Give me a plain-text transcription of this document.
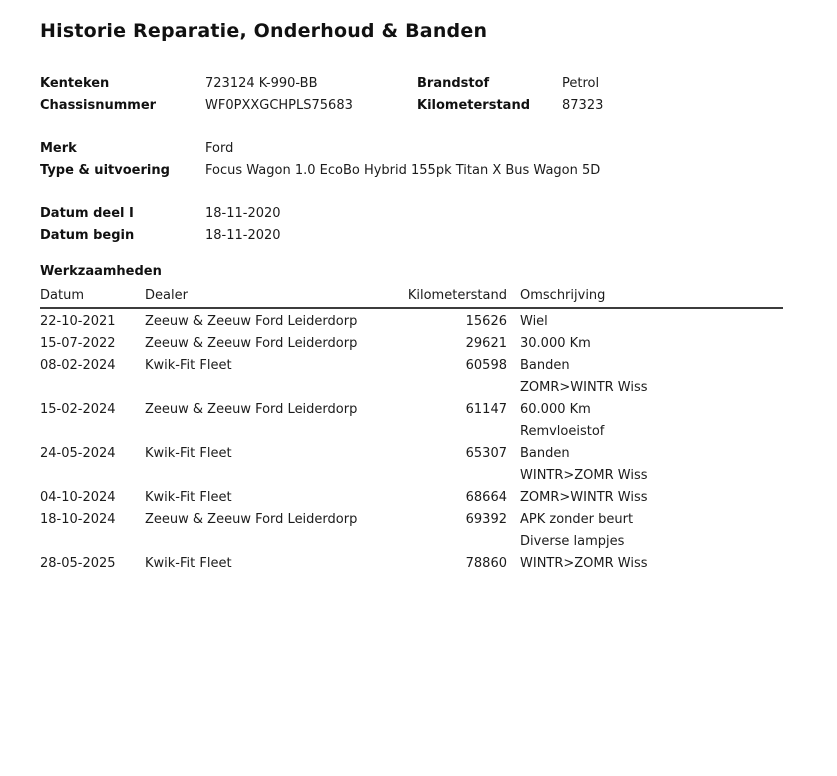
Historie Reparatie, Onderhoud & Banden
Kenteken	723124 K-990-BB	Brandstof	Petrol
Chassisnummer	WF0PXXGCHPLS75683	Kilometerstand	87323
Merk	Ford
Type & uitvoering	Focus Wagon 1.0 EcoBo Hybrid 155pk Titan X Bus Wagon 5D
Datum deel I	18-11-2020
Datum begin	18-11-2020
Werkzaamheden
Datum	Dealer	Kilometerstand	Omschrijving
22-10-2021	Zeeuw & Zeeuw Ford Leiderdorp	15626	Wiel

15-07-2022	Zeeuw & Zeeuw Ford Leiderdorp	29621	30.000 Km

08-02-2024	Kwik-Fit Fleet	60598	Banden
ZOMR>WINTR Wiss

15-02-2024	Zeeuw & Zeeuw Ford Leiderdorp	61147	60.000 Km
Remvloeistof

24-05-2024	Kwik-Fit Fleet	65307	Banden
WINTR>ZOMR Wiss

04-10-2024	Kwik-Fit Fleet	68664	ZOMR>WINTR Wiss

18-10-2024	Zeeuw & Zeeuw Ford Leiderdorp	69392	APK zonder beurt
Diverse lampjes

28-05-2025	Kwik-Fit Fleet	78860	WINTR>ZOMR Wiss
